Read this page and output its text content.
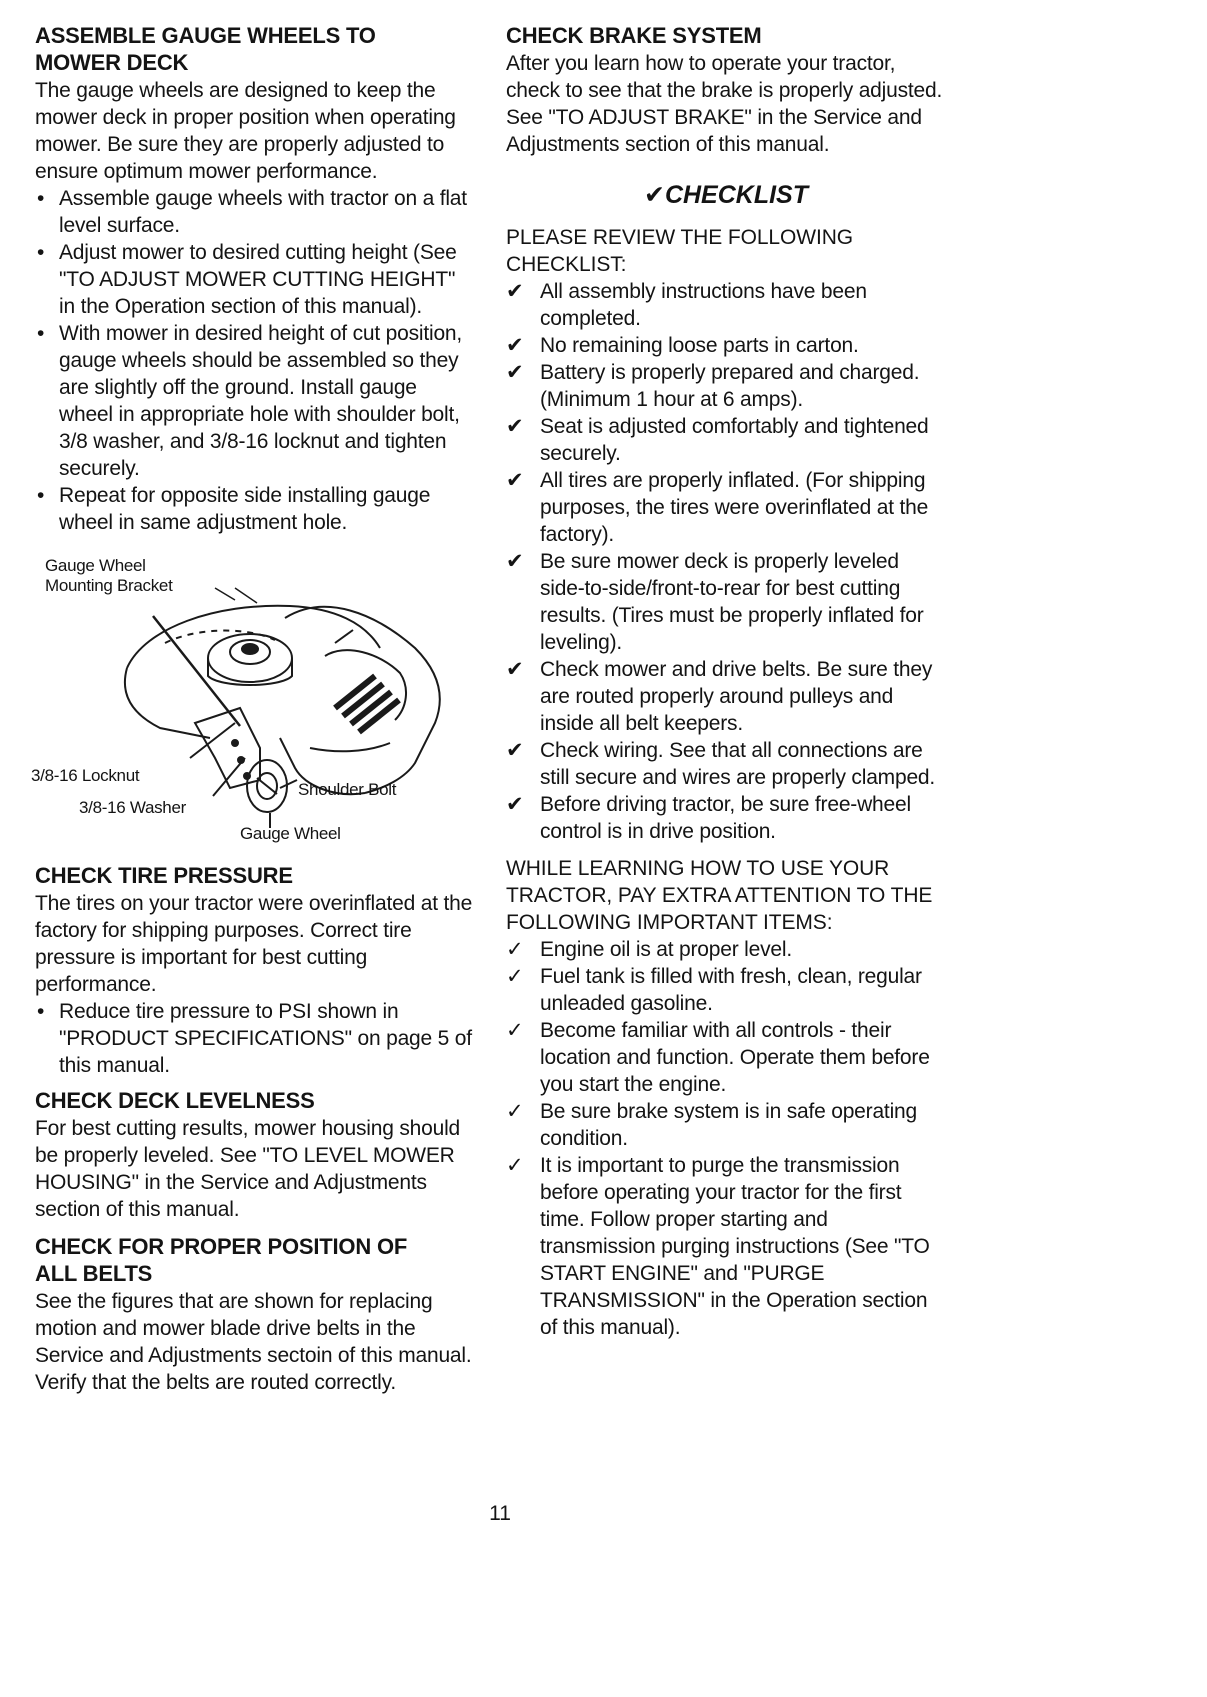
ASSEMBLE GAUGE WHEELS TO
MOWER DECK

The gauge wheels are designed to keep the mower deck in proper position when operating mower. Be sure they are properly adjusted to ensure optimum mower performance.

• Assemble gauge wheels with tractor on a flat level surface.
• Adjust mower to desired cutting height (See "TO ADJUST MOWER CUTTING HEIGHT" in the Operation section of this manual).
• With mower in desired height of cut position, gauge wheels should be assembled so they are slightly off the ground. Install gauge wheel in appropriate hole with shoulder bolt, 3/8 washer, and 3/8-16 locknut and tighten securely.
• Repeat for opposite side installing gauge wheel in same adjustment hole.
Gauge Wheel
Mounting Bracket
3/8-16 Locknut
3/8-16 Washer
Shoulder Bolt
Gauge Wheel
CHECK TIRE PRESSURE

The tires on your tractor were overinflated at the factory for shipping purposes. Correct tire pressure is important for best cutting performance.

• Reduce tire pressure to PSI shown in "PRODUCT SPECIFICATIONS" on page 5 of this manual.
CHECK DECK LEVELNESS

For best cutting results, mower housing should be properly leveled. See "TO LEVEL MOWER HOUSING" in the Service and Adjustments section of this manual.

CHECK FOR PROPER POSITION OF
ALL BELTS

See the figures that are shown for replacing motion and mower blade drive belts in the Service and Adjustments sectoin of this manual. Verify that the belts are routed correctly.

CHECK BRAKE SYSTEM

After you learn how to operate your tractor, check to see that the brake is properly adjusted. See "TO ADJUST BRAKE" in the Service and Adjustments section of this manual.

✔CHECKLIST

PLEASE REVIEW THE FOLLOWING CHECKLIST:

✔ All assembly instructions have been completed.
✔ No remaining loose parts in carton.
✔ Battery is properly prepared and charged. (Minimum 1 hour at 6 amps).
✔ Seat is adjusted comfortably and tightened securely.
✔ All tires are properly inflated. (For shipping purposes, the tires were overinflated at the factory).
✔ Be sure mower deck is properly leveled side-to-side/front-to-rear for best cutting results. (Tires must be properly inflated for leveling).
✔ Check mower and drive belts. Be sure they are routed properly around pulleys and inside all belt keepers.
✔ Check wiring. See that all connections are still secure and wires are properly clamped.
✔ Before driving tractor, be sure free-wheel control is in drive position.

WHILE LEARNING HOW TO USE YOUR TRACTOR, PAY EXTRA ATTENTION TO THE FOLLOWING IMPORTANT ITEMS:

✓ Engine oil is at proper level.
✓ Fuel tank is filled with fresh, clean, regular unleaded gasoline.
✓ Become familiar with all controls - their location and function. Operate them before you start the engine.
✓ Be sure brake system is in safe operating condition.
✓ It is important to purge the transmission before operating your tractor for the first time. Follow proper starting and transmission purging instructions (See "TO START ENGINE" and "PURGE TRANSMISSION" in the Operation section of this manual).
11
